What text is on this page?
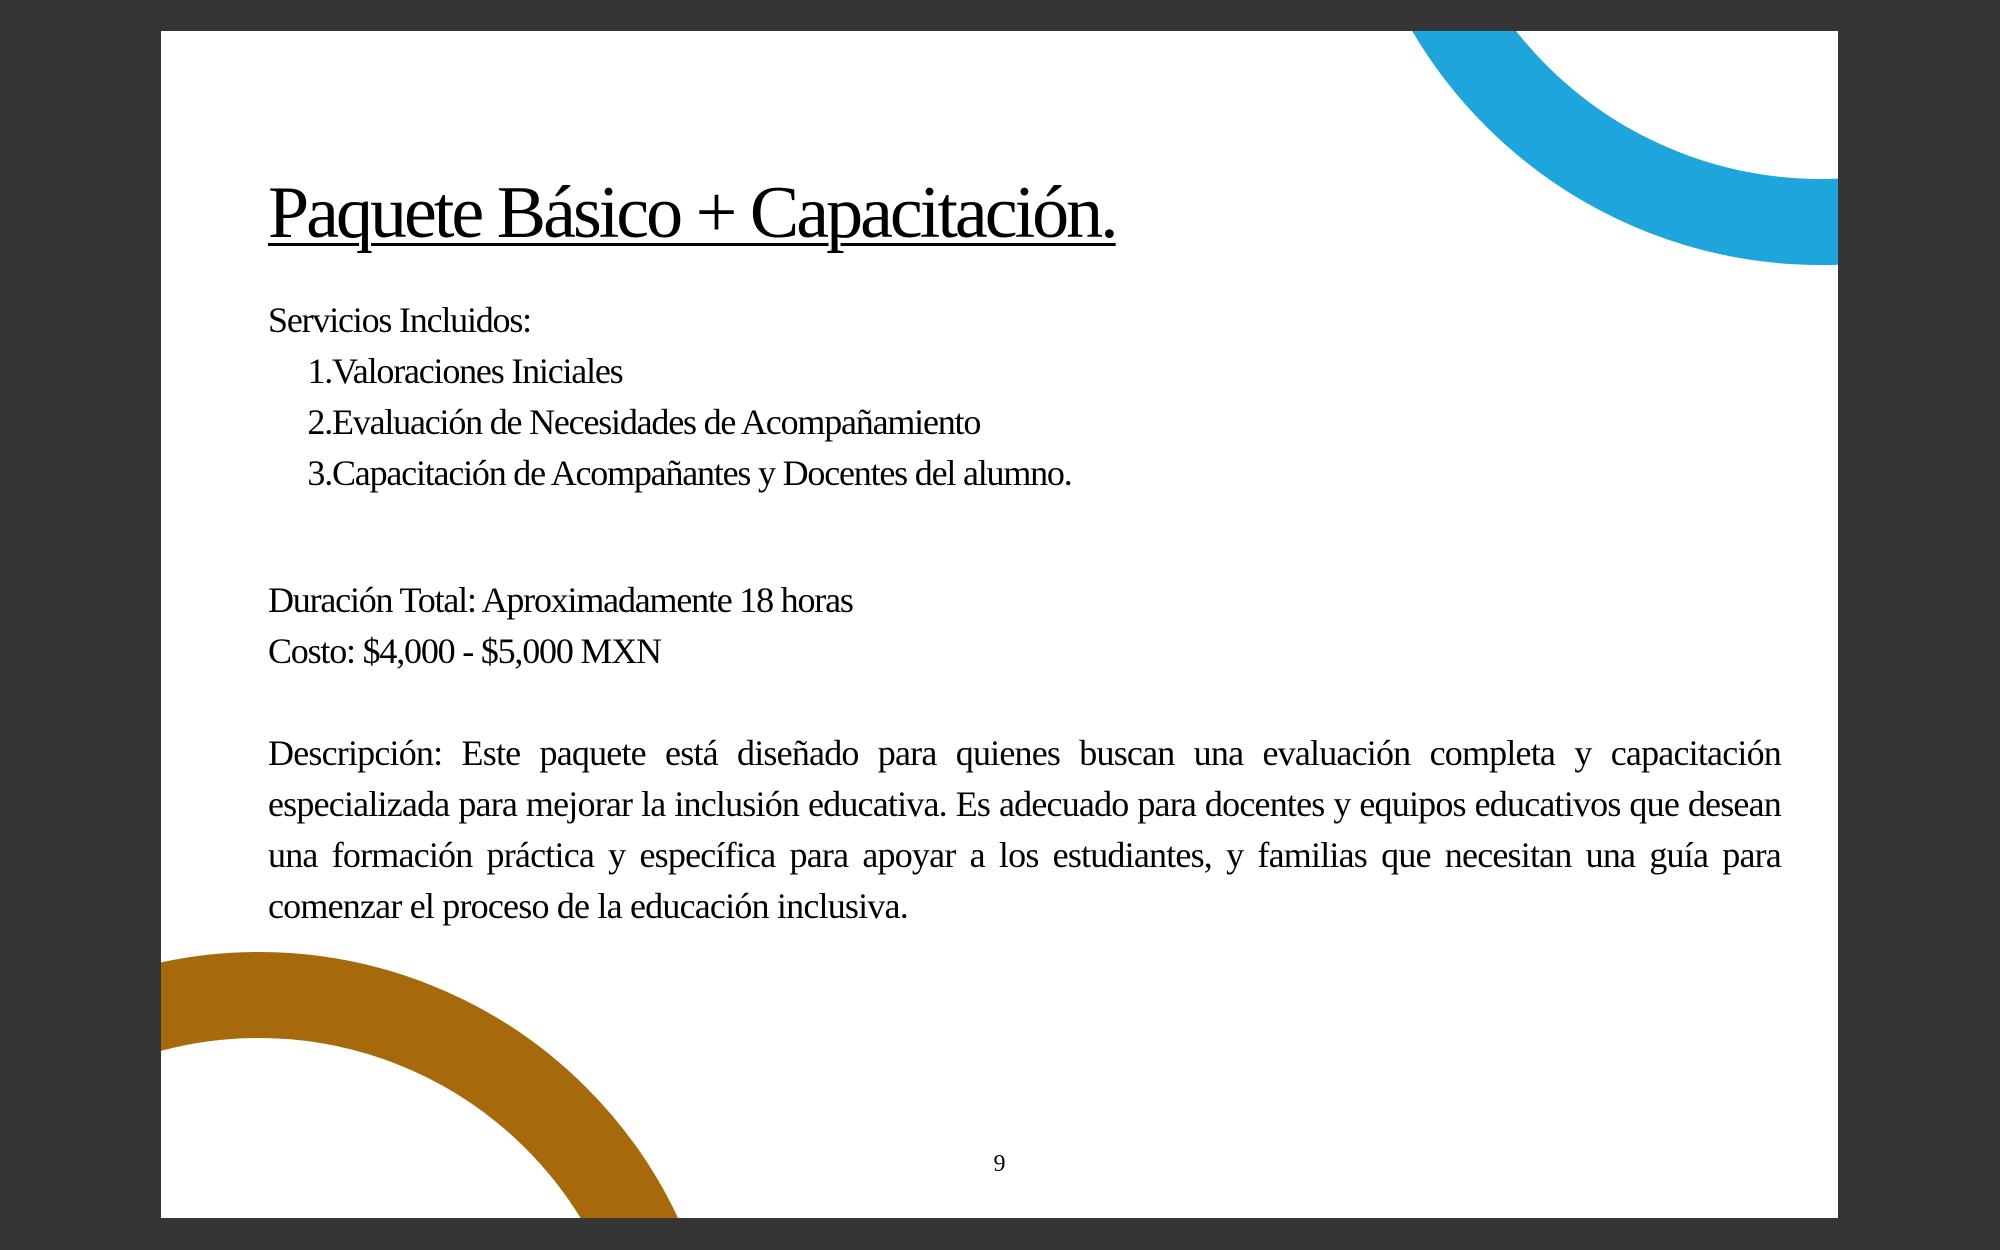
Paquete Básico + Capacitación.
Servicios Incluidos:
1.Valoraciones Iniciales
2.Evaluación de Necesidades de Acompañamiento
3.Capacitación de Acompañantes y Docentes del alumno.
Duración Total: Aproximadamente 18 horas
Costo: $4,000 - $5,000 MXN

Descripción: Este paquete está diseñado para quienes buscan una evaluación completa y capacitación especializada para mejorar la inclusión educativa. Es adecuado para docentes y equipos educativos que desean una formación práctica y específica para apoyar a los estudiantes, y familias que necesitan una guía para comenzar el proceso de la educación inclusiva.

9
